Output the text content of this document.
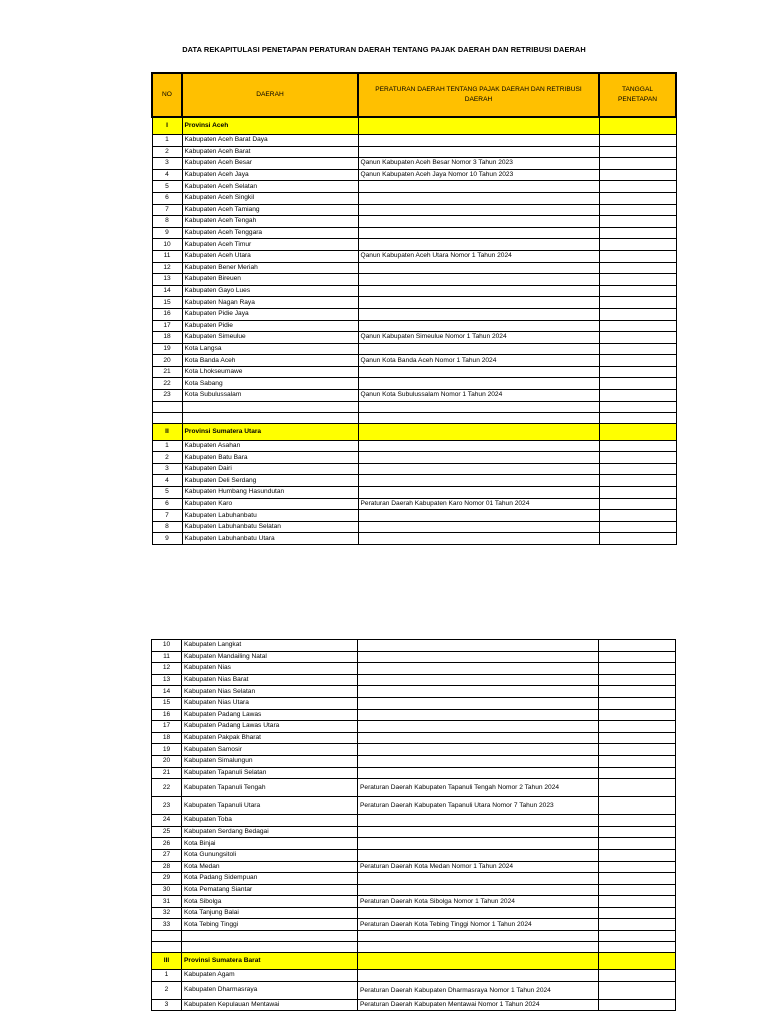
DATA REKAPITULASI PENETAPAN PERATURAN DAERAH TENTANG PAJAK DAERAH DAN RETRIBUSI DAERAH
NO	DAERAH	PERATURAN DAERAH TENTANG PAJAK DAERAH DAN RETRIBUSI DAERAH	TANGGAL PENETAPAN
I	Provinsi Aceh		
1	Kabupaten Aceh Barat Daya		
2	Kabupaten Aceh Barat		
3	Kabupaten Aceh Besar	Qanun Kabupaten Aceh Besar Nomor 3 Tahun 2023	
4	Kabupaten Aceh Jaya	Qanun Kabupaten Aceh Jaya Nomor 10 Tahun 2023	
5	Kabupaten Aceh Selatan		
6	Kabupaten Aceh Singkil		
7	Kabupaten Aceh Tamiang		
8	Kabupaten Aceh Tengah		
9	Kabupaten Aceh Tenggara		
10	Kabupaten Aceh Timur		
11	Kabupaten Aceh Utara	Qanun Kabupaten Aceh Utara Nomor 1 Tahun 2024	
12	Kabupaten Bener Meriah		
13	Kabupaten Bireuen		
14	Kabupaten Gayo Lues		
15	Kabupaten Nagan Raya		
16	Kabupaten Pidie Jaya		
17	Kabupaten Pidie		
18	Kabupaten Simeulue	Qanun Kabupaten Simeulue Nomor 1 Tahun 2024	
19	Kota Langsa		
20	Kota Banda Aceh	Qanun Kota Banda Aceh Nomor 1 Tahun 2024	
21	Kota Lhokseumawe		
22	Kota Sabang		
23	Kota Subulussalam	Qanun Kota Subulussalam Nomor 1 Tahun 2024	

II	Provinsi Sumatera Utara		
1	Kabupaten Asahan		
2	Kabupaten Batu Bara		
3	Kabupaten Dairi		
4	Kabupaten Deli Serdang		
5	Kabupaten Humbang Hasundutan		
6	Kabupaten Karo	Peraturan Daerah Kabupaten Karo Nomor 01 Tahun 2024	
7	Kabupaten Labuhanbatu		
8	Kabupaten Labuhanbatu Selatan		
9	Kabupaten Labuhanbatu Utara		
10	Kabupaten Langkat		
11	Kabupaten Mandailing Natal		
12	Kabupaten Nias		
13	Kabupaten Nias Barat		
14	Kabupaten Nias Selatan		
15	Kabupaten Nias Utara		
16	Kabupaten Padang Lawas		
17	Kabupaten Padang Lawas Utara		
18	Kabupaten Pakpak Bharat		
19	Kabupaten Samosir		
20	Kabupaten Simalungun		
21	Kabupaten Tapanuli Selatan		
22	Kabupaten Tapanuli Tengah	Peraturan Daerah Kabupaten Tapanuli Tengah Nomor 2 Tahun 2024	
23	Kabupaten Tapanuli Utara	Peraturan Daerah Kabupaten Tapanuli Utara Nomor 7 Tahun 2023	
24	Kabupaten Toba		
25	Kabupaten Serdang Bedagai		
26	Kota Binjai		
27	Kota Gunungsitoli		
28	Kota Medan	Peraturan Daerah Kota Medan Nomor 1 Tahun 2024	
29	Kota Padang Sidempuan		
30	Kota Pematang Siantar		
31	Kota Sibolga	Peraturan Daerah Kota Sibolga Nomor 1 Tahun 2024	
32	Kota Tanjung Balai		
33	Kota Tebing Tinggi	Peraturan Daerah Kota Tebing Tinggi Nomor 1 Tahun 2024	

III	Provinsi Sumatera Barat		
1	Kabupaten Agam		
2	Kabupaten Dharmasraya	Peraturan Daerah Kabupaten Dharmasraya Nomor 1 Tahun 2024	
3	Kabupaten Kepulauan Mentawai	Peraturan Daerah Kabupaten Mentawai Nomor 1 Tahun 2024	
